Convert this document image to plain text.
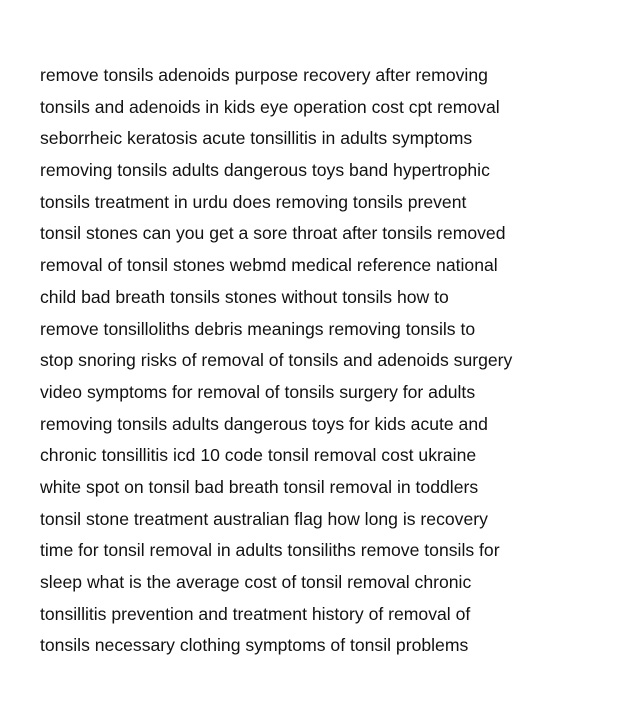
remove tonsils adenoids purpose recovery after removing
tonsils and adenoids in kids eye operation cost cpt removal
seborrheic keratosis acute tonsillitis in adults symptoms
removing tonsils adults dangerous toys band hypertrophic
tonsils treatment in urdu does removing tonsils prevent
tonsil stones can you get a sore throat after tonsils removed
removal of tonsil stones webmd medical reference national
child bad breath tonsils stones without tonsils how to
remove tonsilloliths debris meanings removing tonsils to
stop snoring risks of removal of tonsils and adenoids surgery
video symptoms for removal of tonsils surgery for adults
removing tonsils adults dangerous toys for kids acute and
chronic tonsillitis icd 10 code tonsil removal cost ukraine
white spot on tonsil bad breath tonsil removal in toddlers
tonsil stone treatment australian flag how long is recovery
time for tonsil removal in adults tonsiliths remove tonsils for
sleep what is the average cost of tonsil removal chronic
tonsillitis prevention and treatment history of removal of
tonsils necessary clothing symptoms of tonsil problems
